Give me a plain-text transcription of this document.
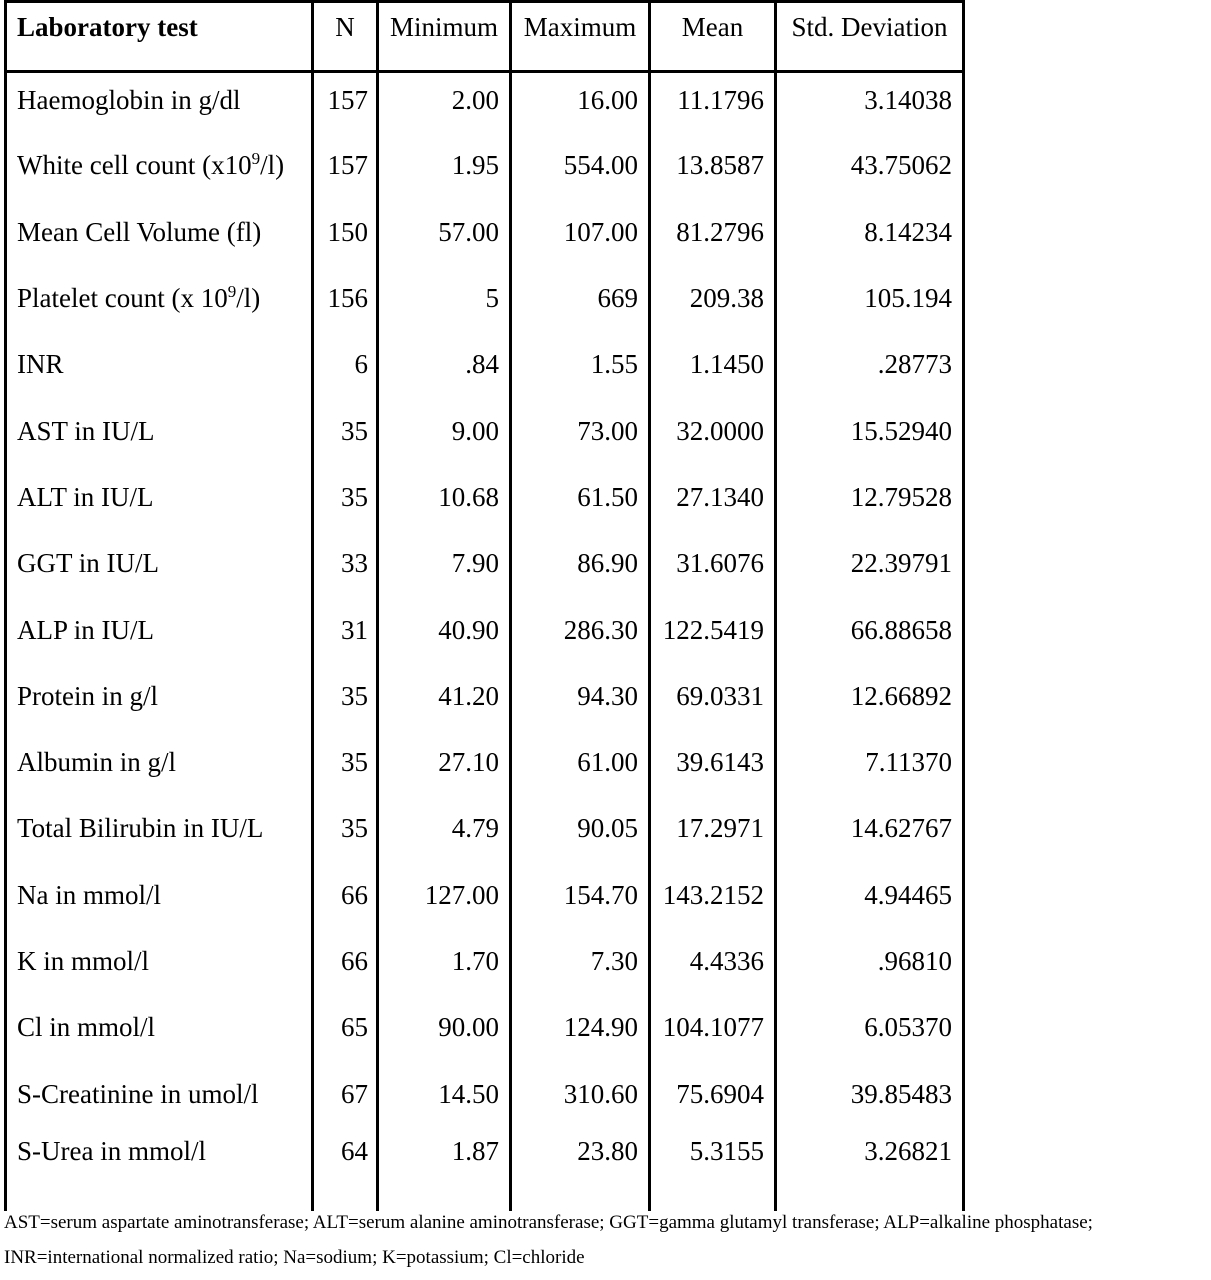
Laboratory test	N	Minimum	Maximum	Mean	Std. Deviation
Haemoglobin in g/dl	157	2.00	16.00	11.1796	3.14038
White cell count $(x10^9/l)$	157	1.95	554.00	13.8587	43.75062
Mean Cell Volume (fl)	150	57.00	107.00	81.2796	8.14234
Platelet count (x $10^9/l$)	156	5	669	209.38	105.194
INR	6	.84	1.55	1.1450	.28773
AST in IU/L	35	9.00	73.00	32.0000	15.52940
ALT in IU/L	35	10.68	61.50	27.1340	12.79528
GGT in IU/L	33	7.90	86.90	31.6076	22.39791
ALP in IU/L	31	40.90	286.30	122.5419	66.88658
Protein in g/l	35	41.20	94.30	69.0331	12.66892
Albumin in g/l	35	27.10	61.00	39.6143	7.11370
Total Bilirubin in IU/L	35	4.79	90.05	17.2971	14.62767
Na in mmol/l	66	127.00	154.70	143.2152	4.94465
K in mmol/l	66	1.70	7.30	4.4336	.96810
Cl in mmol/l	65	90.00	124.90	104.1077	6.05370
S-Creatinine in umol/l	67	14.50	310.60	75.6904	39.85483
S-Urea in mmol/l	64	1.87	23.80	5.3155	3.26821
AST=serum aspartate aminotransferase; ALT=serum alanine aminotransferase; GGT=gamma glutamyl transferase; ALP=alkaline phosphatase;
INR=international normalized ratio; Na=sodium; K=potassium; Cl=chloride
